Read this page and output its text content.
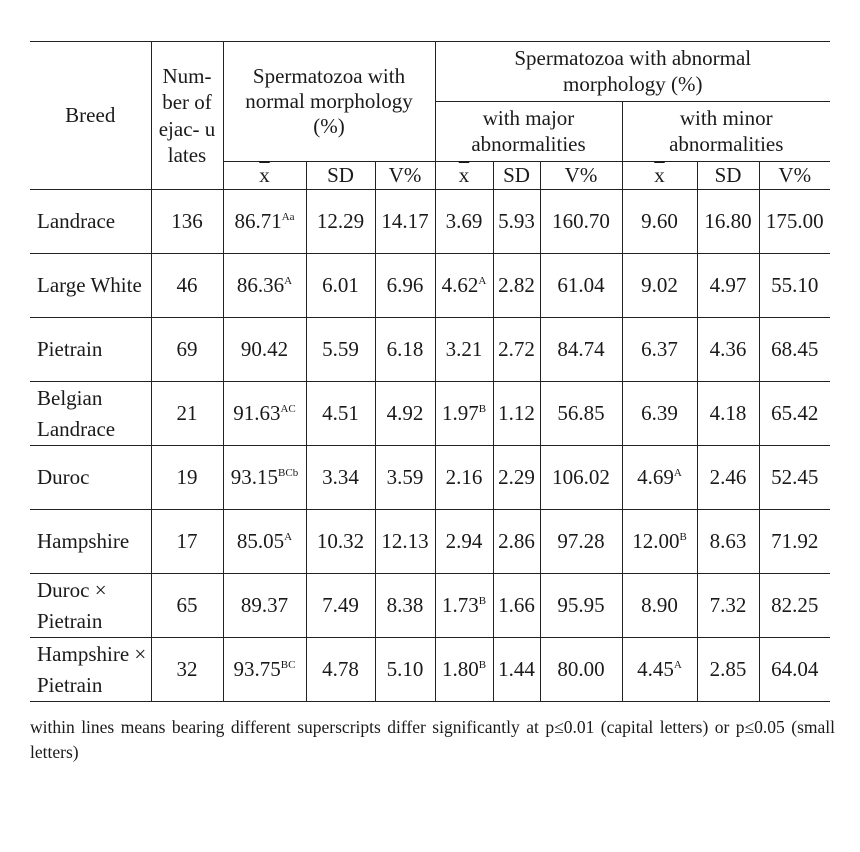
Breed	Num- ber of ejac- ulates	Spermatozoa with normal morphology (%)			Spermatozoa with abnormal morphology (%)					
					with major abnormalities			with minor abnormalities		
		$\overline{x}$	SD	V%	$\overline{x}$	SD	V%	$\overline{x}$	SD	V%
Landrace	136	$86.71^{Aa}$	12.29	14.17	3.69	5.93	160.70	9.60	16.80	175.00
Large White	46	$86.36^A$	6.01	6.96	$4.62^A$	2.82	61.04	9.02	4.97	55.10
Pietrain	69	90.42	5.59	6.18	3.21	2.72	84.74	6.37	4.36	68.45
Belgian Landrace	21	$91.63^{AC}$	4.51	4.92	$1.97^B$	1.12	56.85	6.39	4.18	65.42
Duroc	19	$93.15^{BCb}$	3.34	3.59	2.16	2.29	106.02	$4.69^A$	2.46	52.45
Hampshire	17	$85.05^A$	10.32	12.13	2.94	2.86	97.28	$12.00^B$	8.63	71.92
Duroc × Pietrain	65	89.37	7.49	8.38	$1.73^B$	1.66	95.95	8.90	7.32	82.25
Hampshire × Pietrain	32	$93.75^{BC}$	4.78	5.10	$1.80^B$	1.44	80.00	$4.45^A$	2.85	64.04
within lines means bearing different superscripts differ significantly at p≤0.01 (capital letters) or p≤0.05 (small letters)
